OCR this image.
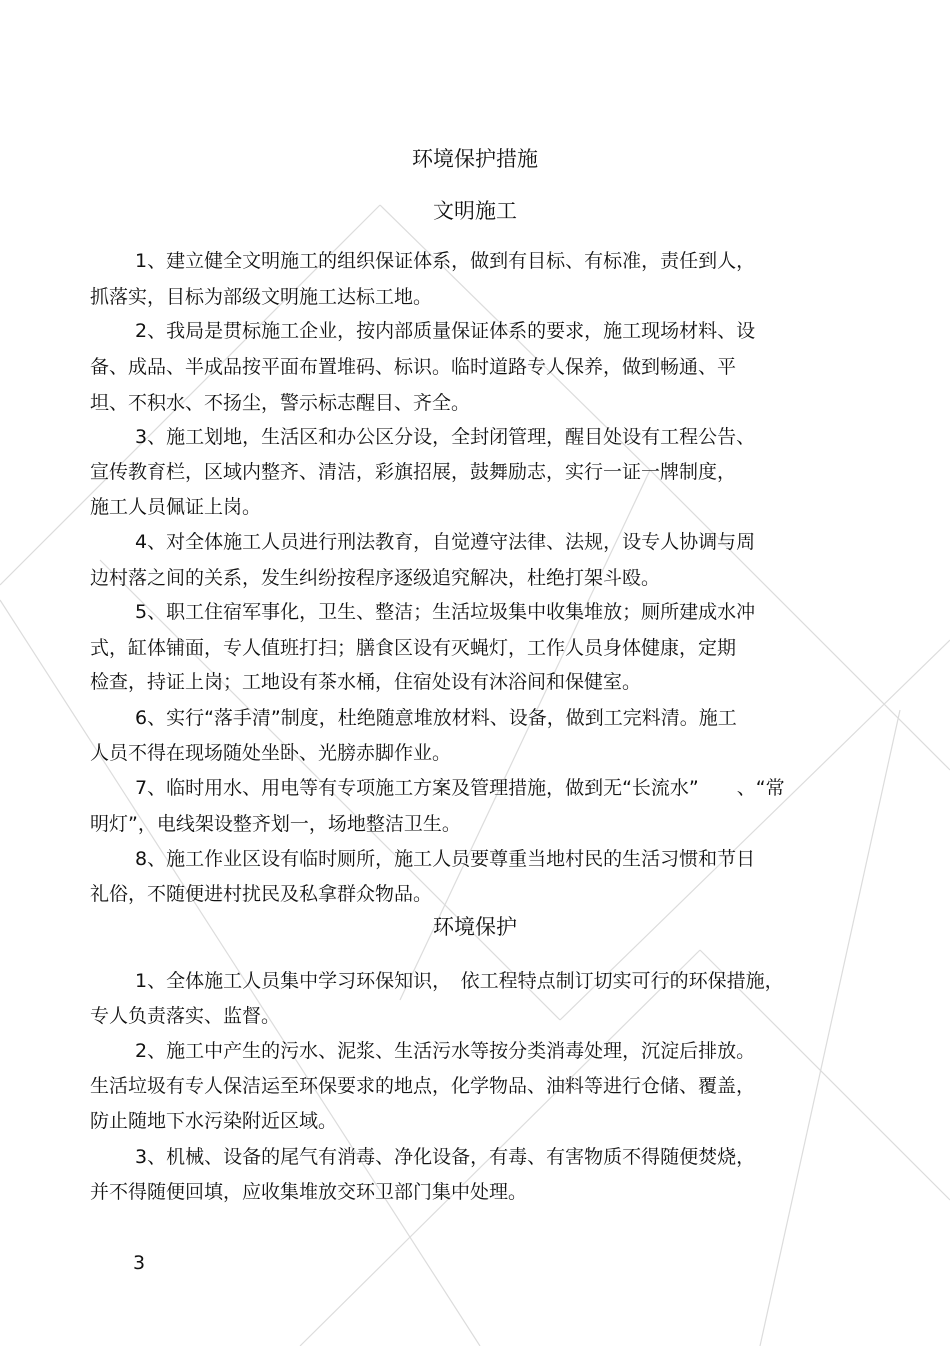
环境保护措施
文明施工
1、建立健全文明施工的组织保证体系，做到有目标、有标准，责任到人，
抓落实，目标为部级文明施工达标工地。
2、我局是贯标施工企业，按内部质量保证体系的要求，施工现场材料、设
备、成品、半成品按平面布置堆码、标识。临时道路专人保养，做到畅通、平
坦、不积水、不扬尘，警示标志醒目、齐全。
3、施工划地，生活区和办公区分设，全封闭管理，醒目处设有工程公告、
宣传教育栏，区域内整齐、清洁，彩旗招展，鼓舞励志，实行一证一牌制度，
施工人员佩证上岗。
4、对全体施工人员进行刑法教育，自觉遵守法律、法规，设专人协调与周
边村落之间的关系，发生纠纷按程序逐级追究解决，杜绝打架斗殴。
5、职工住宿军事化，卫生、整洁；生活垃圾集中收集堆放；厕所建成水冲
式，缸体铺面，专人值班打扫；膳食区设有灭蝇灯，工作人员身体健康，定期
检查，持证上岗；工地设有茶水桶，住宿处设有沐浴间和保健室。
6、实行“落手清”制度，杜绝随意堆放材料、设备，做到工完料清。施工
人员不得在现场随处坐卧、光膀赤脚作业。
7、临时用水、用电等有专项施工方案及管理措施，做到无“长流水”　　、“常
明灯”，电线架设整齐划一，场地整洁卫生。
8、施工作业区设有临时厕所，施工人员要尊重当地村民的生活习惯和节日
礼俗，不随便进村扰民及私拿群众物品。
环境保护
1、全体施工人员集中学习环保知识，　依工程特点制订切实可行的环保措施，
专人负责落实、监督。
2、施工中产生的污水、泥浆、生活污水等按分类消毒处理，沉淀后排放。
生活垃圾有专人保洁运至环保要求的地点，化学物品、油料等进行仓储、覆盖，
防止随地下水污染附近区域。
3、机械、设备的尾气有消毒、净化设备，有毒、有害物质不得随便焚烧，
并不得随便回填，应收集堆放交环卫部门集中处理。
3
